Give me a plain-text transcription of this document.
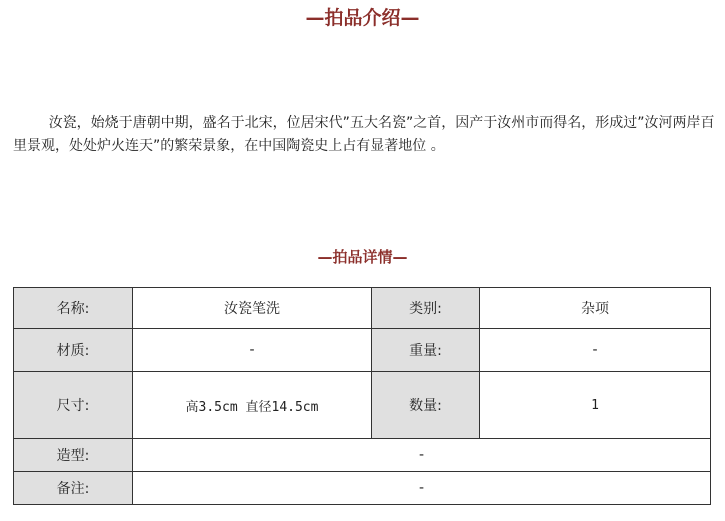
—拍品介绍—

汝瓷，始烧于唐朝中期，盛名于北宋，位居宋代”五大名瓷”之首，因产于汝州市而得名，形成过”汝河两岸百里景观，处处炉火连天”的繁荣景象，在中国陶瓷史上占有显著地位 。

—拍品详情—
名称:	汝瓷笔洗	类别:	杂项
材质:	-	重量:	-
尺寸:	高3.5cm 直径14.5cm	数量:	1
造型:	-		
备注:	-		
